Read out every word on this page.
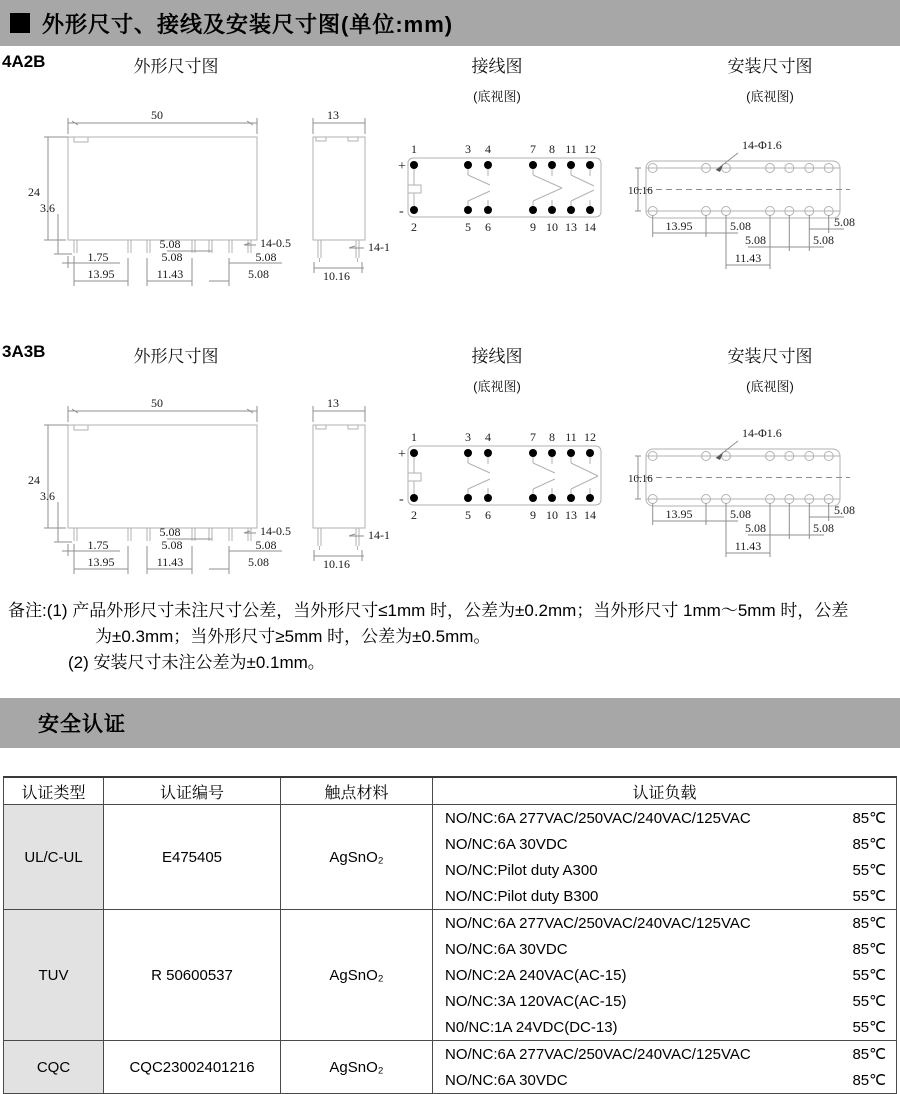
外形尺寸、接线及安装尺寸图(单位:mm)
4A2B	外形尺寸图	接线图
(底视图)
安装尺寸图
(底视图)
50
24
3.6
5.08
5.08
1.75	5.08
14-0.5
13.95	11.43	5.08
13
14-1
10.16
+
-
1	3 4	7 8 11 12
2	5 6	9 10 13 14
14-Φ1.6
10.16
13.95	5.08	5.08
5.08	5.08
11.43
3A3B	外形尺寸图	接线图
(底视图)
安装尺寸图
(底视图)
50
24
3.6
5.08
5.08
1.75	5.08
14-0.5
13.95	11.43	5.08
13
14-1
10.16
+
-
1	3 4	7 8 11 12
2	5 6	9 10 13 14
14-Φ1.6
10.16
13.95	5.08	5.08
5.08	5.08
11.43
备注:(1) 产品外形尺寸未注尺寸公差，当外形尺寸≤1mm 时，公差为±0.2mm；当外形尺寸 1mm～5mm 时，公差
为±0.3mm；当外形尺寸≥5mm 时，公差为±0.5mm。
(2) 安装尺寸未注公差为±0.1mm。
安全认证
认证类型	认证编号	触点材料	认证负载
UL/C-UL	E475405	AgSnO₂	
NO/NC:6A 277VAC/250VAC/240VAC/125VAC	85℃
NO/NC:6A 30VDC	85℃
NO/NC:Pilot duty A300	55℃
NO/NC:Pilot duty B300	55℃

TUV	R 50600537	AgSnO₂	
NO/NC:6A 277VAC/250VAC/240VAC/125VAC	85℃
NO/NC:6A 30VDC	85℃
NO/NC:2A 240VAC(AC-15)	55℃
NO/NC:3A 120VAC(AC-15)	55℃
N0/NC:1A 24VDC(DC-13)	55℃

CQC	CQC23002401216	AgSnO₂	NO/NC:6A 277VAC/250VAC/240VAC/125VAC 85℃
NO/NC:6A 30VDC 85℃
